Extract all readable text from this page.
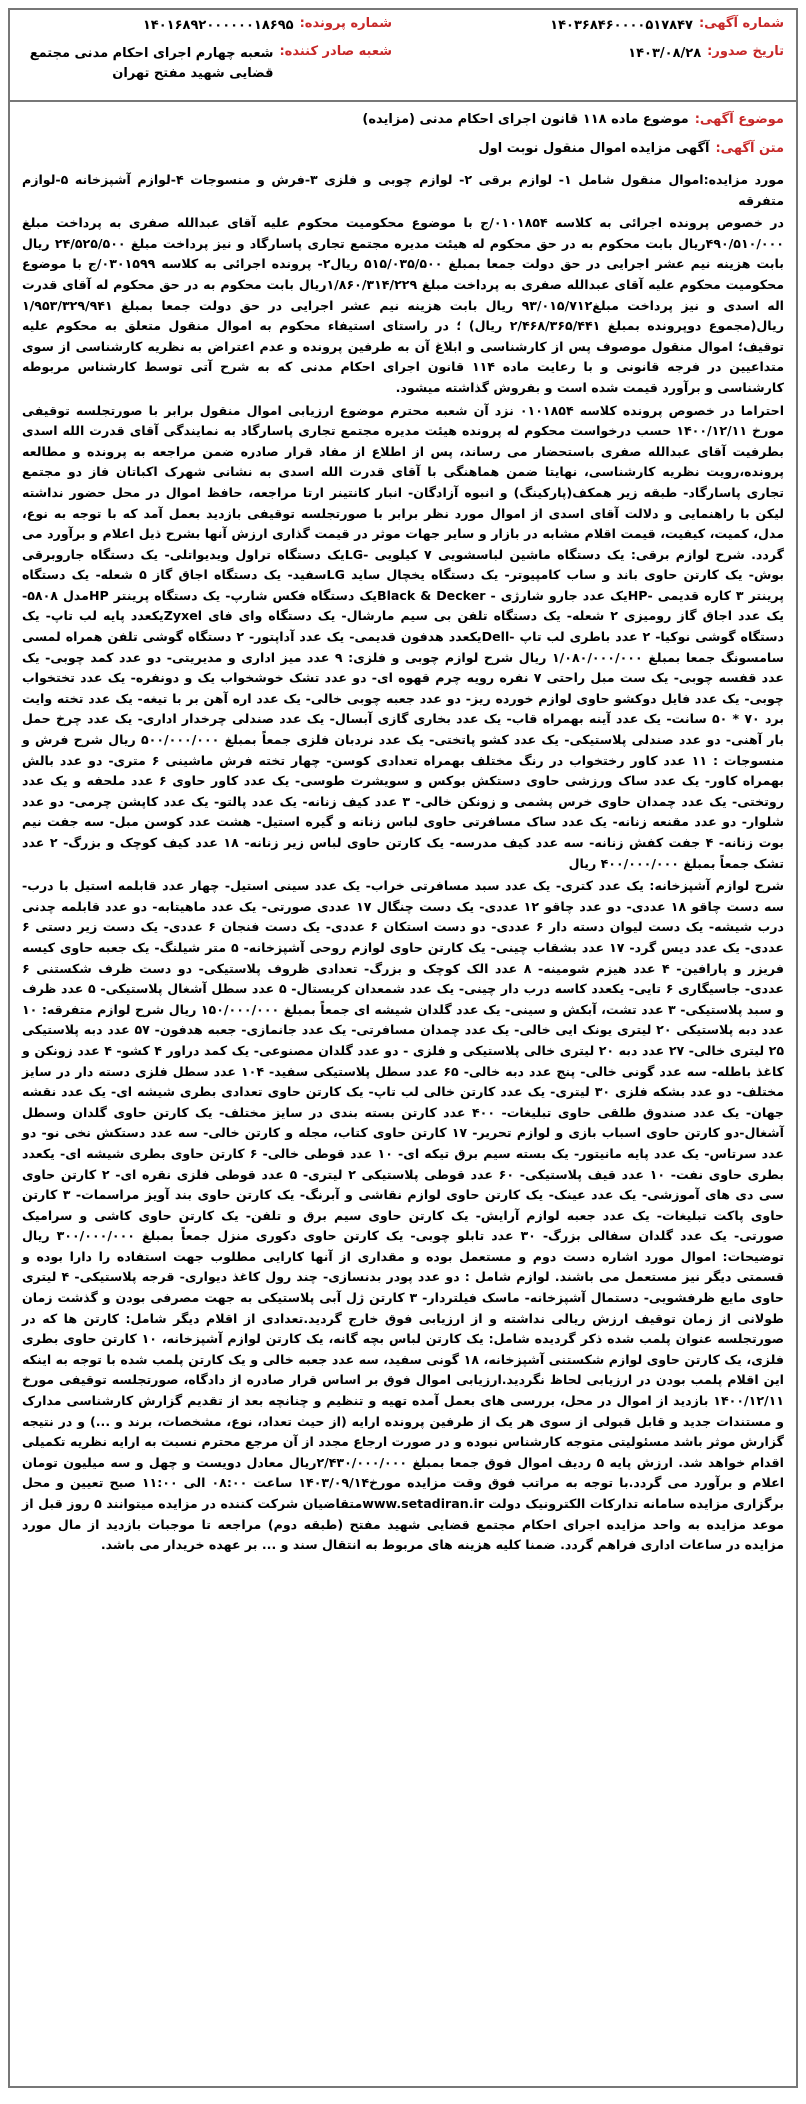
شماره آگهی:
۱۴۰۳۶۸۴۶۰۰۰۰۵۱۷۸۴۷
تاریخ صدور:
۱۴۰۳/۰۸/۲۸
شماره پرونده:
۱۴۰۱۶۸۹۲۰۰۰۰۰۰۱۸۶۹۵
شعبه صادر کننده:
شعبه چهارم اجرای احکام مدنی مجتمع قضایی شهید مفتح تهران
موضوع آگهی:
موضوع ماده ۱۱۸ قانون اجرای احکام مدنی (مزایده)
متن آگهی:
آگهی مزایده اموال منقول نوبت اول

مورد مزایده:اموال منقول شامل ۱- لوازم برقی ۲- لوازم چوبی و فلزی ۳-فرش و منسوجات ۴-لوازم آشپزخانه ۵-لوازم متفرقه

در خصوص پرونده اجرائی به کلاسه ۰۱۰۱۸۵۴/ج با موضوع محکومیت محکوم علیه آقای عبدالله صفری به پرداخت مبلغ ۴۹۰/۵۱۰/۰۰۰ریال بابت محکوم به در حق محکوم له هیئت مدیره مجتمع تجاری پاسارگاد و نیز پرداخت مبلغ ۲۴/۵۲۵/۵۰۰ ریال بابت هزینه نیم عشر اجرایی در حق دولت جمعا بمبلغ ۵۱۵/۰۳۵/۵۰۰ ریال۲- پرونده اجرائی به کلاسه ۰۳۰۱۵۹۹/ج با موضوع محکومیت محکوم علیه آقای عبدالله صفری به پرداخت مبلغ ۱/۸۶۰/۳۱۴/۲۲۹ریال بابت محکوم به در حق محکوم له آقای قدرت اله اسدی و نیز پرداخت مبلغ۹۳/۰۱۵/۷۱۲ ریال بابت هزینه نیم عشر اجرایی در حق دولت جمعا بمبلغ ۱/۹۵۳/۳۲۹/۹۴۱ ریال(مجموع دوپرونده بمبلغ ۲/۴۶۸/۳۶۵/۴۴۱ ریال) ؛ در راستای استیفاء محکوم به اموال منقول متعلق به محکوم علیه توقیف؛ اموال منقول موصوف پس از کارشناسی و ابلاغ آن به طرفین پرونده و عدم اعتراض به نظریه کارشناسی از سوی متداعیین در فرجه قانونی و با رعایت ماده ۱۱۴ قانون اجرای احکام مدنی که به شرح آتی توسط کارشناس مربوطه کارشناسی و برآورد قیمت شده است و بفروش گذاشته میشود.

احتراما در خصوص پرونده کلاسه ۰۱۰۱۸۵۴ نزد آن شعبه محترم موضوع ارزیابی اموال منقول برابر با صورتجلسه توقیفی مورخ ۱۴۰۰/۱۲/۱۱ حسب درخواست محکوم له پرونده هیئت مدیره مجتمع تجاری پاسارگاد به نمایندگی آقای قدرت الله اسدی بطرفیت آقای عبدالله صفری باستحضار می رساند، پس از اطلاع از مفاد قرار صادره ضمن مراجعه به پرونده و مطالعه پرونده،رویت نظریه کارشناسی، نهایتا ضمن هماهنگی با آقای قدرت الله اسدی به نشانی شهرک اکباتان فاز دو مجتمع تجاری پاسارگاد- طبقه زیر همکف(پارکینگ) و انبوه آزادگان- انبار کانتینر ارتا مراجعه، حافظ اموال در محل حضور نداشته لیکن با راهنمایی و دلالت آقای اسدی از اموال مورد نظر برابر با صورتجلسه توقیفی بازدید بعمل آمد که با توجه به نوع، مدل، کمیت، کیفیت، قیمت اقلام مشابه در بازار و سایر جهات موثر در قیمت گذاری ارزش آنها بشرح ذیل اعلام و برآورد می گردد. شرح لوازم برقی: یک دستگاه ماشین لباسشویی ۷ کیلویی -LGیک دستگاه تراول ویدیواتلی- یک دستگاه جاروبرقی بوش- یک کارتن حاوی باند و ساب کامپیوتر- یک دستگاه یخچال ساید LGسفید- یک دستگاه اجاق گاز ۵ شعله- یک دستگاه پرینتر ۳ کاره قدیمی -HPیک عدد جارو شارژی - Black & Deckerیک دستگاه فکس شارپ- یک دستگاه پرینتر HPمدل ۵۸۰۸- یک عدد اجاق گاز رومیزی ۲ شعله- یک دستگاه تلفن بی سیم مارشال- یک دستگاه وای فای Zyxelیکعدد پایه لب تاپ- یک دستگاه گوشی نوکیا- ۲ عدد باطری لب تاپ -Dellیکعدد هدفون قدیمی- یک عدد آداپتور- ۲ دستگاه گوشی تلفن همراه لمسی سامسونگ جمعا بمبلغ ۱/۰۸۰/۰۰۰/۰۰۰ ریال شرح لوازم چوبی و فلزی: ۹ عدد میز اداری و مدیریتی- دو عدد کمد چوبی- یک عدد قفسه چوبی- یک ست مبل راحتی ۷ نفره رویه چرم قهوه ای- دو عدد تشک خوشخواب یک و دونفره- یک عدد تختخواب چوبی- یک عدد فایل دوکشو حاوی لوازم خورده ریز- دو عدد جعبه چوبی خالی- یک عدد اره آهن بر با تیغه- یک عدد تخته وایت برد ۷۰ * ۵۰ سانت- یک عدد آینه بهمراه قاب- یک عدد بخاری گازی آبسال- یک عدد صندلی چرخدار اداری- یک عدد چرخ حمل بار آهنی- دو عدد صندلی پلاستیکی- یک عدد کشو پاتختی- یک عدد نردبان فلزی جمعاً بمبلغ ۵۰۰/۰۰۰/۰۰۰ ریال شرح فرش و منسوجات : ۱۱ عدد کاور رختخواب در رنگ مختلف بهمراه تعدادی کوسن- چهار تخته فرش ماشینی ۶ متری- دو عدد بالش بهمراه کاور- یک عدد ساک ورزشی حاوی دستکش بوکس و سویشرت طوسی- یک عدد کاور حاوی ۶ عدد ملحفه و یک عدد روتختی- یک عدد چمدان حاوی خرس پشمی و زونکن خالی- ۳ عدد کیف زنانه- یک عدد پالتو- یک عدد کاپشن چرمی- دو عدد شلوار- دو عدد مقنعه زنانه- یک عدد ساک مسافرتی حاوی لباس زنانه و گیره استیل- هشت عدد کوسن مبل- سه جفت نیم بوت زنانه- ۴ جفت کفش زنانه- سه عدد کیف مدرسه- یک کارتن حاوی لباس زیر زنانه- ۱۸ عدد کیف کوچک و بزرگ- ۲ عدد تشک جمعاً بمبلغ ۴۰۰/۰۰۰/۰۰۰ ریال

شرح لوازم آشپزخانه: یک عدد کتری- یک عدد سبد مسافرتی خراب- یک عدد سینی استیل- چهار عدد قابلمه استیل با درب- سه دست چاقو ۱۸ عددی- دو عدد چاقو ۱۲ عددی- یک دست چنگال ۱۷ عددی صورتی- یک عدد ماهیتابه- دو عدد قابلمه چدنی درب شیشه- یک دست لیوان دسته دار ۶ عددی- دو دست استکان ۶ عددی- یک دست فنجان ۶ عددی- یک دست زیر دستی ۶ عددی- یک عدد دیس گرد- ۱۷ عدد بشقاب چینی- یک کارتن حاوی لوازم روحی آشپزخانه- ۵ متر شیلنگ- یک جعبه حاوی کیسه فریزر و پارافین- ۴ عدد هیزم شومینه- ۸ عدد الک کوچک و بزرگ- تعدادی ظروف پلاستیکی- دو دست ظرف شکستنی ۶ عددی- جاسیگاری ۶ تایی- یکعدد کاسه درب دار چینی- یک عدد شمعدان کریستال- ۵ عدد سطل آشغال پلاستیکی- ۵ عدد ظرف و سبد پلاستیکی- ۳ عدد تشت، آبکش و سینی- یک عدد گلدان شیشه ای جمعاً بمبلغ ۱۵۰/۰۰۰/۰۰۰ ریال شرح لوازم متفرقه: ۱۰ عدد دبه پلاستیکی ۲۰ لیتری یونک ایی خالی- یک عدد چمدان مسافرتی- یک عدد جانمازی- جعبه هدفون- ۵۷ عدد دبه پلاستیکی ۲۵ لیتری خالی- ۲۷ عدد دبه ۲۰ لیتری خالی پلاستیکی و فلزی - دو عدد گلدان مصنوعی- یک کمد دراور ۴ کشو- ۴ عدد زونکن و کاغذ باطله- سه عدد گونی خالی- پنج عدد دبه خالی- ۶۵ عدد سطل پلاستیکی سفید- ۱۰۴ عدد سطل فلزی دسته دار در سایز مختلف- دو عدد بشکه فلزی ۳۰ لیتری- یک عدد کارتن خالی لب تاپ- یک کارتن حاوی تعدادی بطری شیشه ای- یک عدد نقشه جهان- یک عدد صندوق طلقی حاوی تبلیغات- ۴۰۰ عدد کارتن بسته بندی در سایز مختلف- یک کارتن حاوی گلدان وسطل آشغال-دو کارتن حاوی اسباب بازی و لوازم تحریر- ۱۷ کارتن حاوی کتاب، مجله و کارتن خالی- سه عدد دستکش نخی نو- دو عدد سرتاس- یک عدد پایه مانیتور- یک بسته سیم برق تیکه ای- ۱۰ عدد قوطی خالی- ۶ کارتن حاوی بطری شیشه ای- یکعدد بطری حاوی نفت- ۱۰ عدد قیف پلاستیکی- ۶۰ عدد قوطی پلاستیکی ۲ لیتری- ۵ عدد قوطی فلزی نقره ای- ۲ کارتن حاوی سی دی های آموزشی- یک عدد عینک- یک کارتن حاوی لوازم نقاشی و آبرنگ- یک کارتن حاوی بند آویز مراسمات- ۳ کارتن حاوی پاکت تبلیغات- یک عدد جعبه لوازم آرایش- یک کارتن حاوی سیم برق و تلفن- یک کارتن حاوی کاشی و سرامیک صورتی- یک عدد گلدان سفالی بزرگ- ۳۰ عدد تابلو چوبی- یک کارتن حاوی دکوری منزل جمعاً بمبلغ ۳۰۰/۰۰۰/۰۰۰ ریال توضیحات: اموال مورد اشاره دست دوم و مستعمل بوده و مقداری از آنها کارایی مطلوب جهت استفاده را دارا بوده و قسمتی دیگر نیز مستعمل می باشند. لوازم شامل : دو عدد پودر بدنسازی- چند رول کاغذ دیواری- قرجه پلاستیکی- ۴ لیتری حاوی مایع ظرفشویی- دستمال آشپزخانه- ماسک فیلتردار- ۳ کارتن ژل آبی پلاستیکی به جهت مصرفی بودن و گذشت زمان طولانی از زمان توقیف ارزش ریالی نداشته و از ارزیابی فوق خارج گردید.تعدادی از اقلام دیگر شامل: کارتن ها که در صورتجلسه عنوان پلمب شده ذکر گردیده شامل: یک کارتن لباس بچه گانه، یک کارتن لوازم آشپزخانه، ۱۰ کارتن حاوی بطری فلزی، یک کارتن حاوی لوازم شکستنی آشپزخانه، ۱۸ گونی سفید، سه عدد جعبه خالی و یک کارتن پلمب شده با توجه به اینکه این اقلام پلمب بودن در ارزیابی لحاظ نگردید.ارزیابی اموال فوق بر اساس قرار صادره از دادگاه، صورتجلسه توقیفی مورخ ۱۴۰۰/۱۲/۱۱ بازدید از اموال در محل، بررسی های بعمل آمده تهیه و تنظیم و چنانچه بعد از تقدیم گزارش کارشناسی مدارک و مستندات جدید و قابل قبولی از سوی هر یک از طرفین پرونده ارایه (از حیث تعداد، نوع، مشخصات، برند و ...) و در نتیجه گزارش موثر باشد مسئولیتی متوجه کارشناس نبوده و در صورت ارجاع مجدد از آن مرجع محترم نسبت به ارایه نظریه تکمیلی اقدام خواهد شد. ارزش پایه ۵ ردیف اموال فوق جمعا بمبلغ ۲/۴۳۰/۰۰۰/۰۰۰ریال معادل دویست و چهل و سه میلیون تومان اعلام و برآورد می گردد.با توجه به مراتب فوق وقت مزایده مورخ۱۴۰۳/۰۹/۱۴ ساعت ۰۸:۰۰ الی ۱۱:۰۰ صبح تعیین و محل برگزاری مزایده سامانه تدارکات الکترونیک دولت www.setadiran.irمتقاضیان شرکت کننده در مزایده میتوانند ۵ روز قبل از موعد مزایده به واحد مزایده اجرای احکام مجتمع قضایی شهید مفتح (طبقه دوم) مراجعه تا موجبات بازدید از مال مورد مزایده در ساعات اداری فراهم گردد. ضمنا کلیه هزینه های مربوط به انتقال سند و ... بر عهده خریدار می باشد.
